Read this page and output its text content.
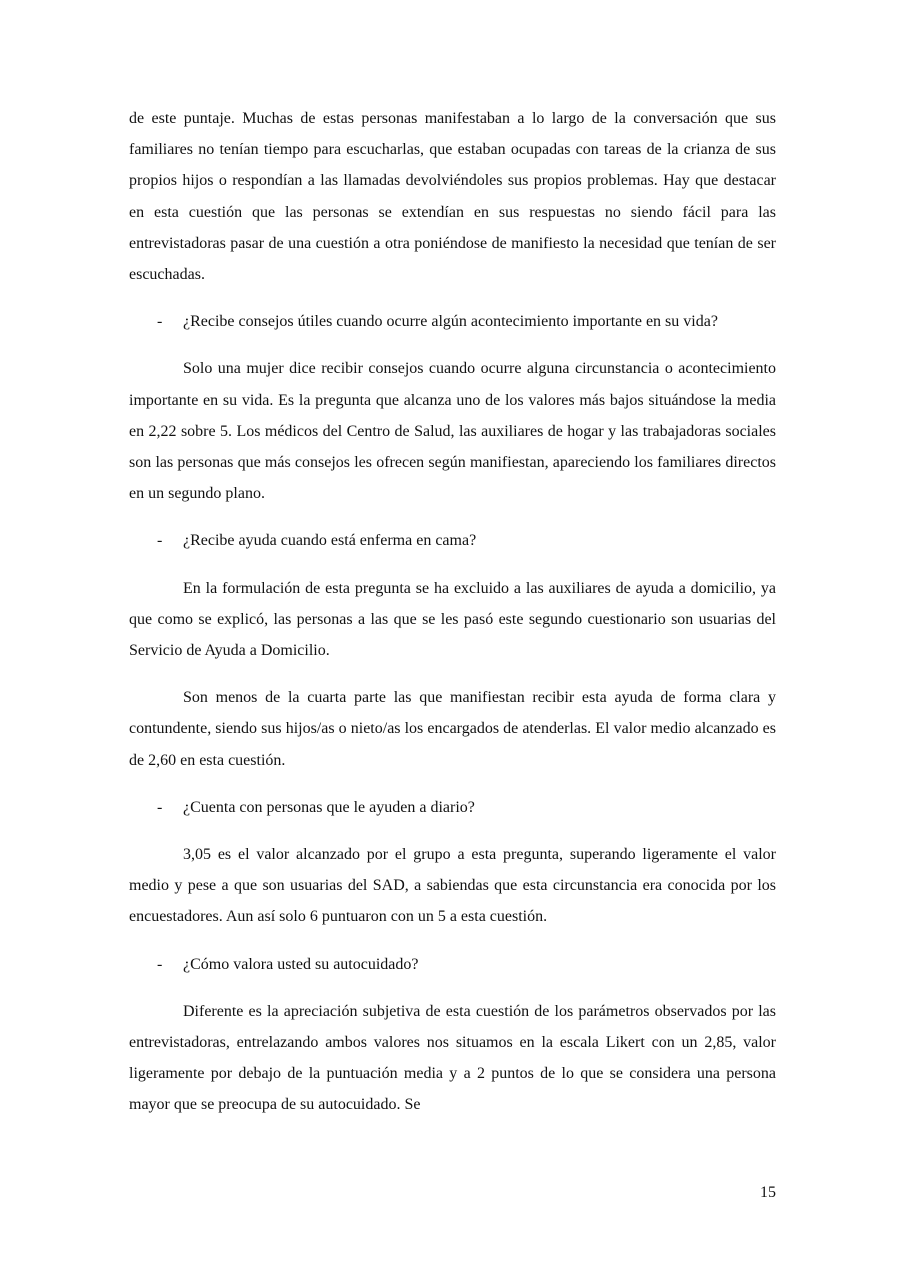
de este puntaje. Muchas de estas personas manifestaban a lo largo de la conversación que sus familiares no tenían tiempo para escucharlas, que estaban ocupadas con tareas de la crianza de sus propios hijos o respondían a las llamadas devolviéndoles sus propios problemas. Hay que destacar en esta cuestión que las personas se extendían en sus respuestas no siendo fácil para las entrevistadoras pasar de una cuestión a otra poniéndose de manifiesto la necesidad que tenían de ser escuchadas.

- ¿Recibe consejos útiles cuando ocurre algún acontecimiento importante en su vida?

Solo una mujer dice recibir consejos cuando ocurre alguna circunstancia o acontecimiento importante en su vida. Es la pregunta que alcanza uno de los valores más bajos situándose la media en 2,22 sobre 5. Los médicos del Centro de Salud, las auxiliares de hogar y las trabajadoras sociales son las personas que más consejos les ofrecen según manifiestan, apareciendo los familiares directos en un segundo plano.

- ¿Recibe ayuda cuando está enferma en cama?

En la formulación de esta pregunta se ha excluido a las auxiliares de ayuda a domicilio, ya que como se explicó, las personas a las que se les pasó este segundo cuestionario son usuarias del Servicio de Ayuda a Domicilio.

Son menos de la cuarta parte las que manifiestan recibir esta ayuda de forma clara y contundente, siendo sus hijos/as o nieto/as los encargados de atenderlas. El valor medio alcanzado es de 2,60 en esta cuestión.

- ¿Cuenta con personas que le ayuden a diario?

3,05 es el valor alcanzado por el grupo a esta pregunta, superando ligeramente el valor medio y pese a que son usuarias del SAD, a sabiendas que esta circunstancia era conocida por los encuestadores. Aun así solo 6 puntuaron con un 5 a esta cuestión.

- ¿Cómo valora usted su autocuidado?

Diferente es la apreciación subjetiva de esta cuestión de los parámetros observados por las entrevistadoras, entrelazando ambos valores nos situamos en la escala Likert con un 2,85, valor ligeramente por debajo de la puntuación media y a 2 puntos de lo que se considera una persona mayor que se preocupa de su autocuidado. Se

15
